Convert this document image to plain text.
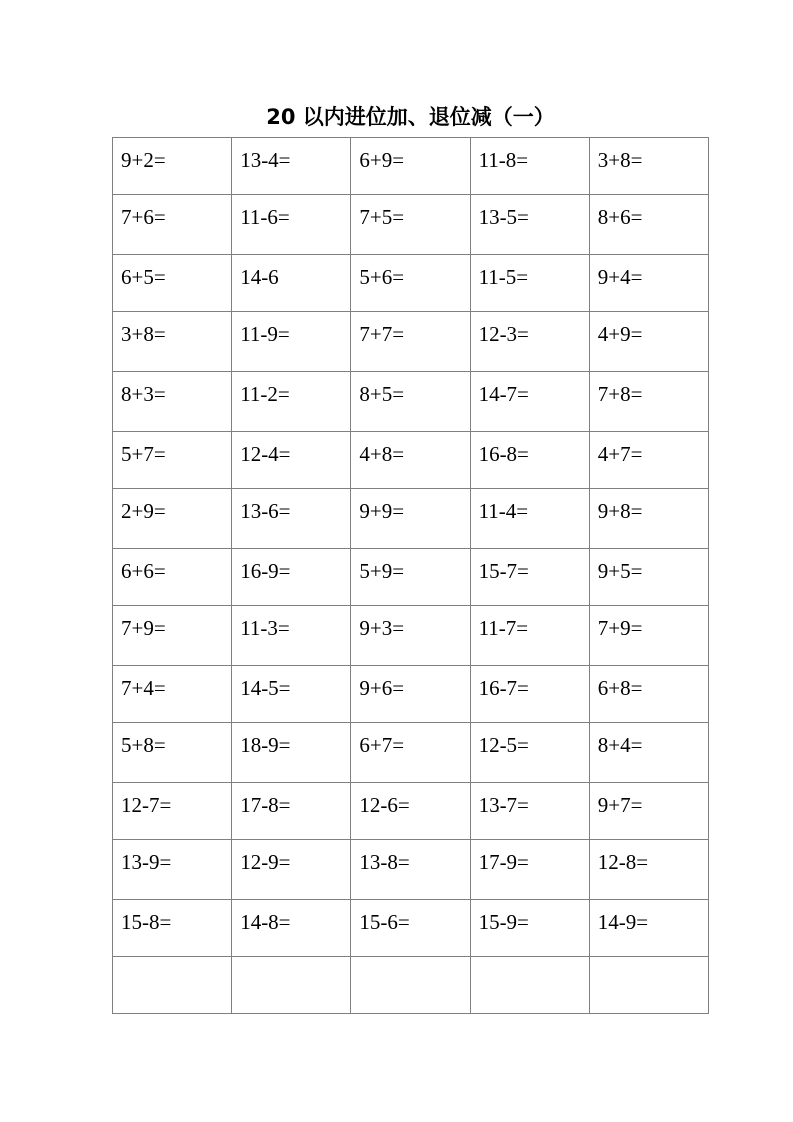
20 以内进位加、退位减（一）
9+2=	13-4=	6+9=	11-8=	3+8=
7+6=	11-6=	7+5=	13-5=	8+6=
6+5=	14-6	5+6=	11-5=	9+4=
3+8=	11-9=	7+7=	12-3=	4+9=
8+3=	11-2=	8+5=	14-7=	7+8=
5+7=	12-4=	4+8=	16-8=	4+7=
2+9=	13-6=	9+9=	11-4=	9+8=
6+6=	16-9=	5+9=	15-7=	9+5=
7+9=	11-3=	9+3=	11-7=	7+9=
7+4=	14-5=	9+6=	16-7=	6+8=
5+8=	18-9=	6+7=	12-5=	8+4=
12-7=	17-8=	12-6=	13-7=	9+7=
13-9=	12-9=	13-8=	17-9=	12-8=
15-8=	14-8=	15-6=	15-9=	14-9=
